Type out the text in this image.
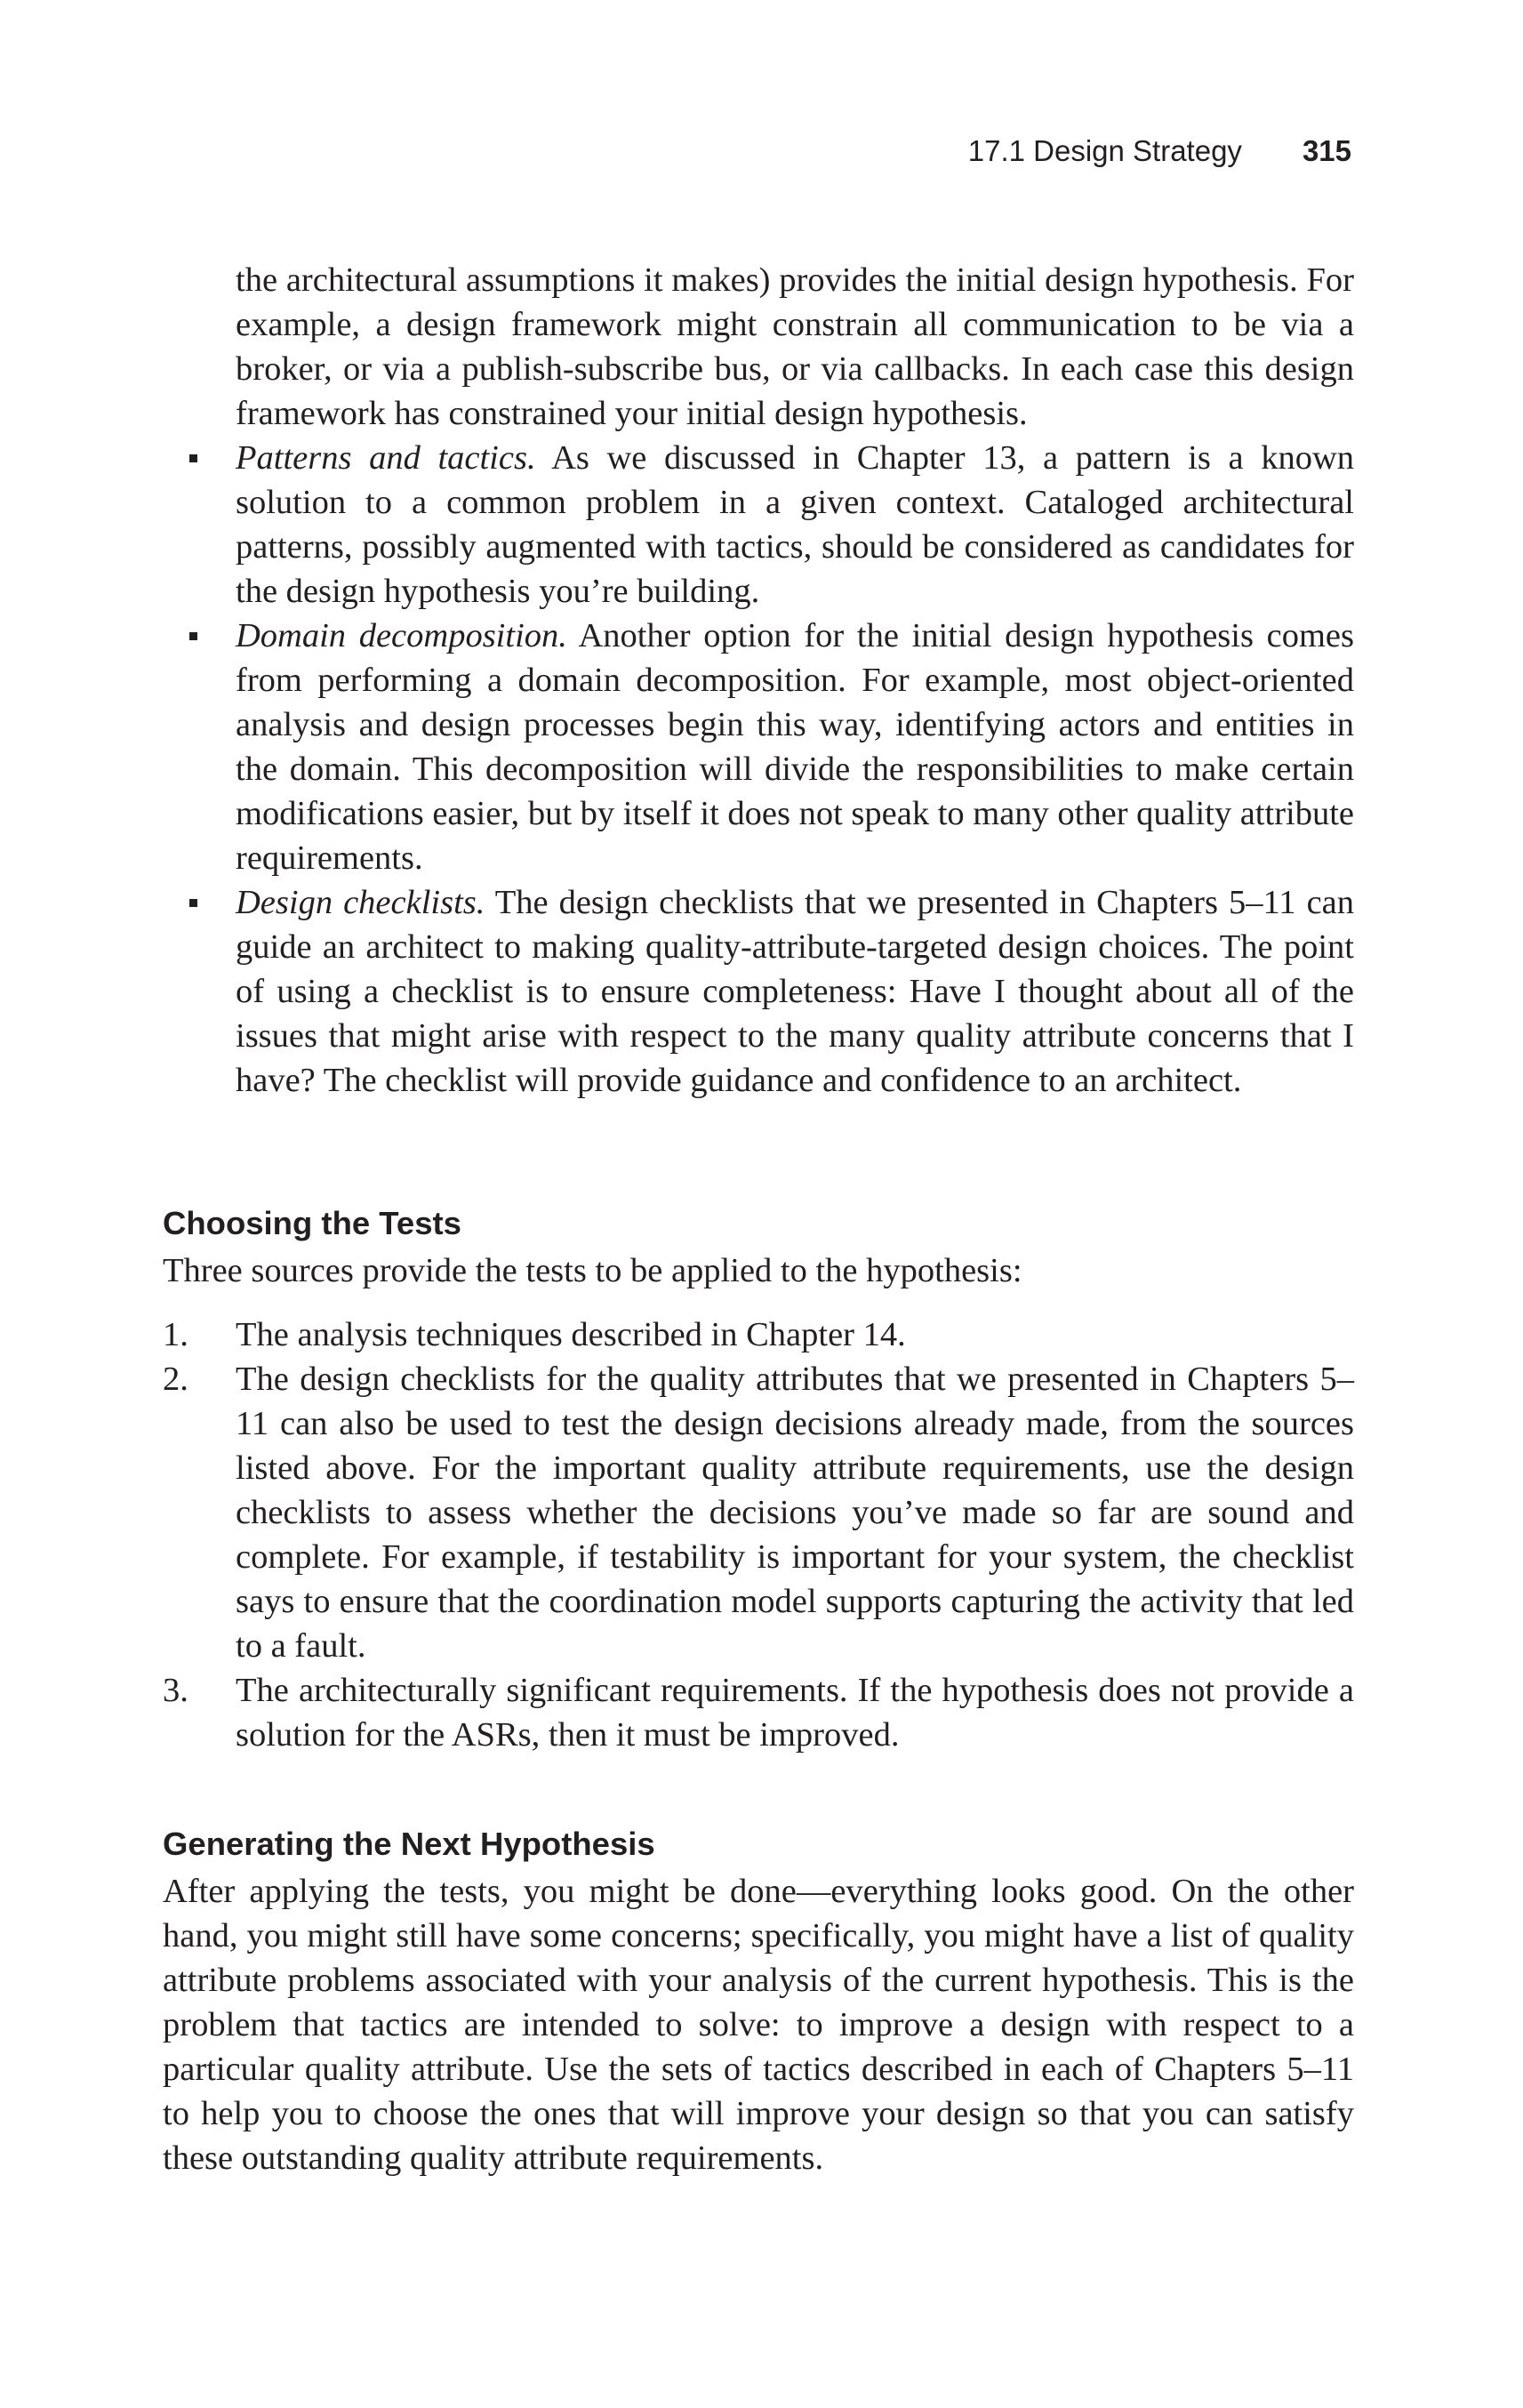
17.1 Design Strategy 315

the architectural assumptions it makes) provides the initial design hypothesis. For example, a design framework might constrain all communication to be via a broker, or via a publish-subscribe bus, or via callbacks. In each case this design framework has constrained your initial design hypothesis.

Patterns and tactics. As we discussed in Chapter 13, a pattern is a known solution to a common problem in a given context. Cataloged architectural patterns, possibly augmented with tactics, should be considered as candidates for the design hypothesis you’re building.

Domain decomposition. Another option for the initial design hypothesis comes from performing a domain decomposition. For example, most object-oriented analysis and design processes begin this way, identifying actors and entities in the domain. This decomposition will divide the responsibilities to make certain modifications easier, but by itself it does not speak to many other quality attribute requirements.

Design checklists. The design checklists that we presented in Chapters 5–11 can guide an architect to making quality-attribute-targeted design choices. The point of using a checklist is to ensure completeness: Have I thought about all of the issues that might arise with respect to the many quality attribute concerns that I have? The checklist will provide guidance and confidence to an architect.

Choosing the Tests

Three sources provide the tests to be applied to the hypothesis:

1. The analysis techniques described in Chapter 14.

2. The design checklists for the quality attributes that we presented in Chapters 5–11 can also be used to test the design decisions already made, from the sources listed above. For the important quality attribute requirements, use the design checklists to assess whether the decisions you’ve made so far are sound and complete. For example, if testability is important for your system, the checklist says to ensure that the coordination model supports capturing the activity that led to a fault.

3. The architecturally significant requirements. If the hypothesis does not provide a solution for the ASRs, then it must be improved.

Generating the Next Hypothesis

After applying the tests, you might be done—everything looks good. On the other hand, you might still have some concerns; specifically, you might have a list of quality attribute problems associated with your analysis of the current hypothesis. This is the problem that tactics are intended to solve: to improve a design with respect to a particular quality attribute. Use the sets of tactics described in each of Chapters 5–11 to help you to choose the ones that will improve your design so that you can satisfy these outstanding quality attribute requirements.
